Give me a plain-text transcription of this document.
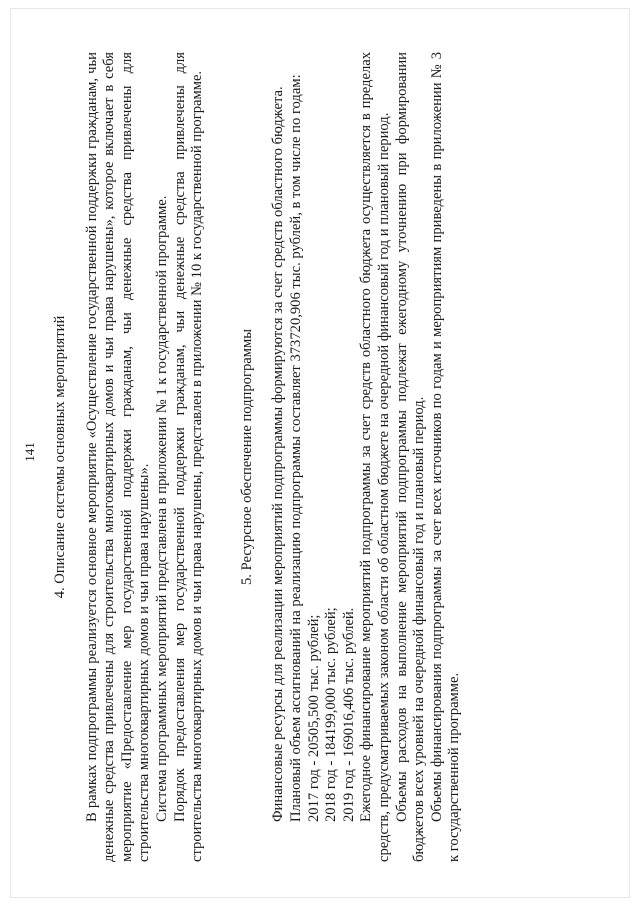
141 4. Описание системы основных мероприятий В рамках подпрограммы реализуется основное мероприятие «Осуществление государственной поддержки гражданам, чьи денежные средства привлечены для строительства многоквартирных домов и чьи права нарушены», которое включает в себя мероприятие «Предоставление мер государственной поддержки гражданам, чьи денежные средства привлечены для строительства многоквартирных домов и чьи права нарушены». Система программных мероприятий представлена в приложении № 1 к государственной программе. Порядок предоставления мер государственной поддержки гражданам, чьи денежные средства привлечены для строительства многоквартирных домов и чьи права нарушены, представлен в приложении № 10 к государственной программе. 5. Ресурсное обеспечение подпрограммы Финансовые ресурсы для реализации мероприятий подпрограммы формируются за счет средств областного бюджета. Плановый объем ассигнований на реализацию подпрограммы составляет 373720,906 тыс. рублей, в том числе по годам: 2017 год - 20505,500 тыс. рублей; 2018 год - 184199,000 тыс. рублей; 2019 год - 169016,406 тыс. рублей. Ежегодное финансирование мероприятий подпрограммы за счет средств областного бюджета осуществляется в пределах средств, предусматриваемых законом области об областном бюджете на очередной финансовый год и плановый период. Объемы расходов на выполнение мероприятий подпрограммы подлежат ежегодному уточнению при формировании бюджетов всех уровней на очередной финансовый год и плановый период. Объемы финансирования подпрограммы за счет всех источников по годам и мероприятиям приведены в приложении № 3 к государственной программе.
